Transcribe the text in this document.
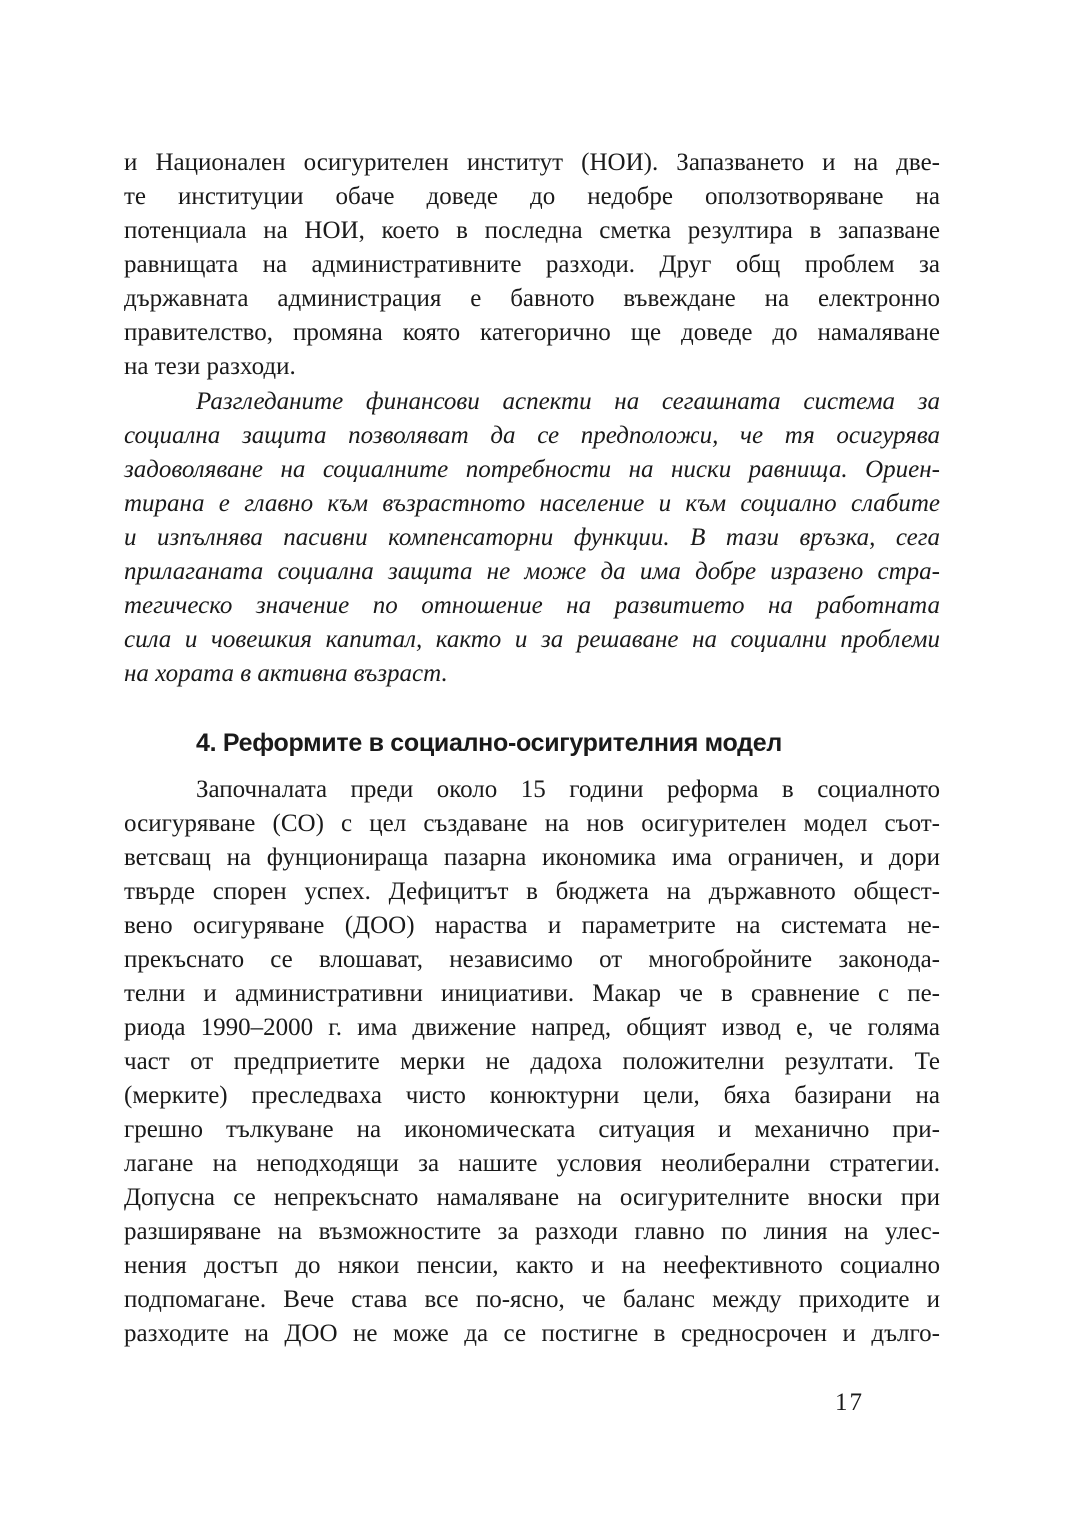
и Национален осигурителен институт (НОИ). Запазването и на две-
те институции обаче доведе до недобре оползотворяване на
потенциала на НОИ, което в последна сметка резултира в запазване
равнищата на административните разходи. Друг общ проблем за
държавната администрация е бавното въвеждане на електронно
правителство, промяна която категорично ще доведе до намаляване
на тези разходи.
Разгледаните финансови аспекти на сегашната система за
социална защита позволяват да се предположи, че тя осигурява
задоволяване на социалните потребности на ниски равнища. Ориен-
тирана е главно към възрастното население и към социално слабите
и изпълнява пасивни компенсаторни функции. В тази връзка, сега
прилаганата социална защита не може да има добре изразено стра-
тегическо значение по отношение на развитието на работната
сила и човешкия капитал, както и за решаване на социални проблеми
на хората в активна възраст.
4. Реформите в социално-осигурителния модел
Започналата преди около 15 години реформа в социалното
осигуряване (СО) с цел създаване на нов осигурителен модел съот-
ветсващ на фунционираща пазарна икономика има ограничен, и дори
твърде спорен успех. Дефицитът в бюджета на държавното общест-
вено осигуряване (ДОО) нараства и параметрите на системата не-
прекъснато се влошават, независимо от многобройните законода-
телни и административни инициативи. Макар че в сравнение с пе-
риода 1990–2000 г. има движение напред, общият извод е, че голяма
част от предприетите мерки не дадоха положителни резултати. Те
(мерките) преследваха чисто конюктурни цели, бяха базирани на
грешно тълкуване на икономическата ситуация и механично при-
лагане на неподходящи за нашите условия неолиберални стратегии.
Допусна се непрекъснато намаляване на осигурителните вноски при
разширяване на възможностите за разходи главно по линия на улес-
нения достъп до някои пенсии, както и на неефективното социално
подпомагане. Вече става все по-ясно, че баланс между приходите и
разходите на ДОО не може да се постигне в средносрочен и дълго-
17
